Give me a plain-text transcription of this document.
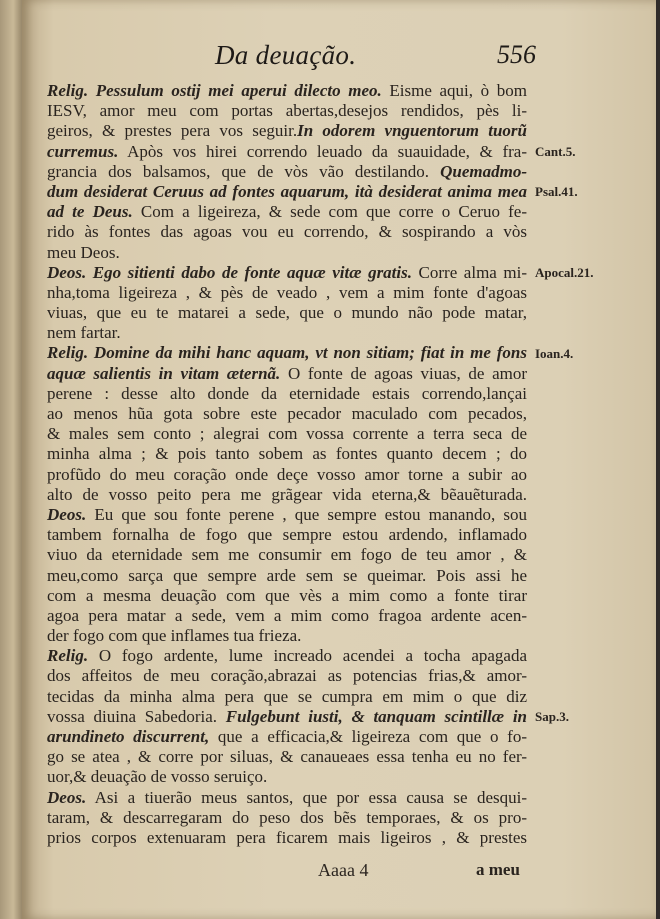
Da deuação.	556
Relig. Pessulum ostij mei aperui dilecto meo. Eisme aqui, ò bom
IESV, amor meu com portas abertas,desejos rendidos, pès li-
geiros, & prestes pera vos seguir.In odorem vnguentorum tuorũ
curremus. Apòs vos hirei correndo leuado da suauidade, & fra-
grancia dos balsamos, que de vòs vão destilando. Quemadmo-
dum desiderat Ceruus ad fontes aquarum, ità desiderat anima mea
ad te Deus. Com a ligeireza, & sede com que corre o Ceruo fe-
rido às fontes das agoas vou eu correndo, & sospirando a vòs
meu Deos.
Deos. Ego sitienti dabo de fonte aquæ vitæ gratis. Corre alma mi-
nha,toma ligeireza , & pès de veado , vem a mim fonte d'agoas
viuas, que eu te matarei a sede, que o mundo não pode matar,
nem fartar.
Relig. Domine da mihi hanc aquam, vt non sitiam; fiat in me fons
aquæ salientis in vitam æternã. O fonte de agoas viuas, de amor
perene : desse alto donde da eternidade estais correndo,lançai
ao menos hũa gota sobre este pecador maculado com pecados,
& males sem conto ; alegrai com vossa corrente a terra seca de
minha alma ; & pois tanto sobem as fontes quanto decem ; do
profũdo do meu coração onde deçe vosso amor torne a subir ao
alto de vosso peito pera me grãgear vida eterna,& bẽauẽturada.
Deos. Eu que sou fonte perene , que sempre estou manando, sou
tambem fornalha de fogo que sempre estou ardendo, inflamado
viuo da eternidade sem me consumir em fogo de teu amor , &
meu,como sarça que sempre arde sem se queimar. Pois assi he
com a mesma deuação com que vès a mim como a fonte tirar
agoa pera matar a sede, vem a mim como fragoa ardente acen-
der fogo com que inflames tua frieza.
Relig. O fogo ardente, lume increado acendei a tocha apagada
dos affeitos de meu coração,abrazai as potencias frias,& amor-
tecidas da minha alma pera que se cumpra em mim o que diz
vossa diuina Sabedoria. Fulgebunt iusti, & tanquam scintillæ in
arundineto discurrent, que a efficacia,& ligeireza com que o fo-
go se atea , & corre por siluas, & canaueaes essa tenha eu no fer-
uor,& deuação de vosso seruiço.
Deos. Asi a tiuerão meus santos, que por essa causa se desqui-
taram, & descarregaram do peso dos bẽs temporaes, & os pro-
prios corpos extenuaram pera ficarem mais ligeiros , & prestes
Cant.5.
Psal.41.
Apocal.21.
Ioan.4.
Sap.3.
Aaaa 4	a meu
